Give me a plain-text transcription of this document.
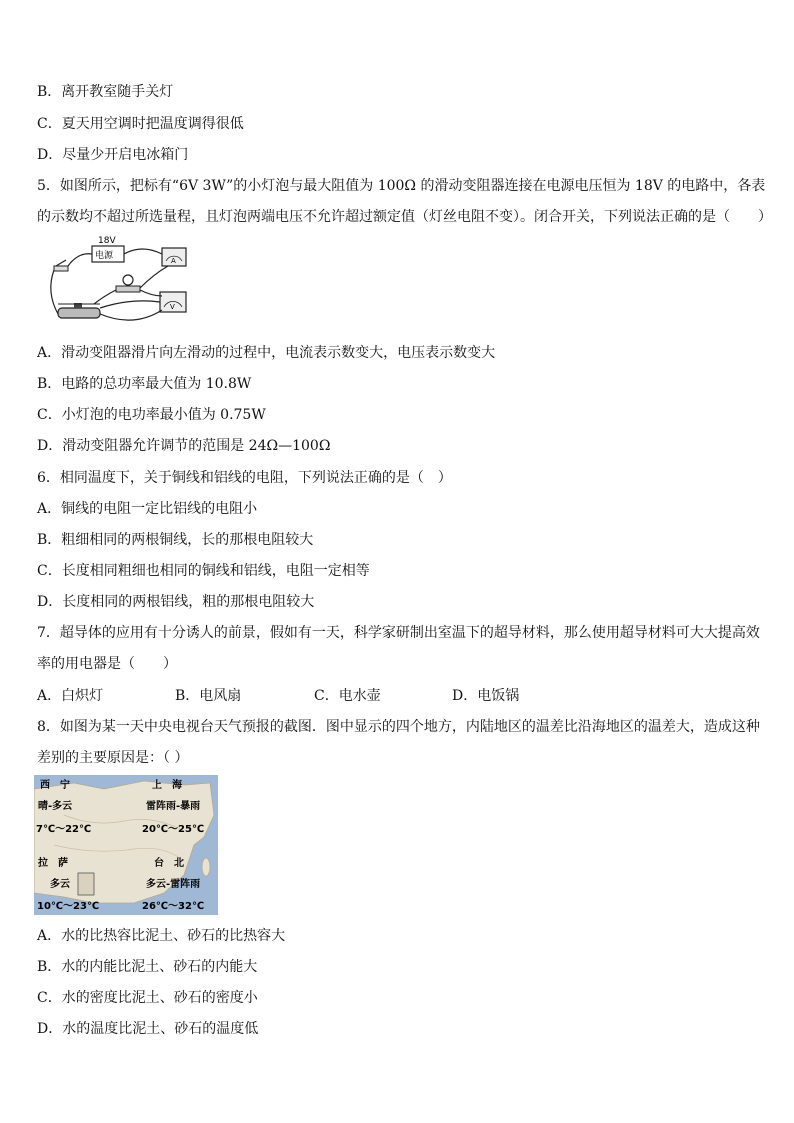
B．离开教室随手关灯
C．夏天用空调时把温度调得很低
D．尽量少开启电冰箱门
5．如图所示，把标有“6V 3W”的小灯泡与最大阻值为 100Ω 的滑动变阻器连接在电源电压恒为 18V 的电路中，各表
的示数均不超过所选量程，且灯泡两端电压不允许超过额定值（灯丝电阻不变）。闭合开关，下列说法正确的是（　　）
18V
电源	A
V
A．滑动变阻器滑片向左滑动的过程中，电流表示数变大，电压表示数变大
B．电路的总功率最大值为 10.8W
C．小灯泡的电功率最小值为 0.75W
D．滑动变阻器允许调节的范围是 24Ω—100Ω
6．相同温度下，关于铜线和铝线的电阻，下列说法正确的是（　）
A．铜线的电阻一定比铝线的电阻小
B．粗细相同的两根铜线，长的那根电阻较大
C．长度相同粗细也相同的铜线和铝线，电阻一定相等
D．长度相同的两根铝线，粗的那根电阻较大
7．超导体的应用有十分诱人的前景，假如有一天，科学家研制出室温下的超导材料，那么使用超导材料可大大提高效
率的用电器是（　　）
A．白炽灯	B．电风扇	C．电水壶	D．电饭锅
8．如图为某一天中央电视台天气预报的截图．图中显示的四个地方，内陆地区的温差比沿海地区的温差大，造成这种
差别的主要原因是：（ ）
西　宁
晴-多云
7℃～22℃
上　海
雷阵雨-暴雨
20℃～25℃
拉　萨
多云
10℃～23℃
台　北
多云-雷阵雨
26℃～32℃
A．水的比热容比泥土、砂石的比热容大
B．水的内能比泥土、砂石的内能大
C．水的密度比泥土、砂石的密度小
D．水的温度比泥土、砂石的温度低
